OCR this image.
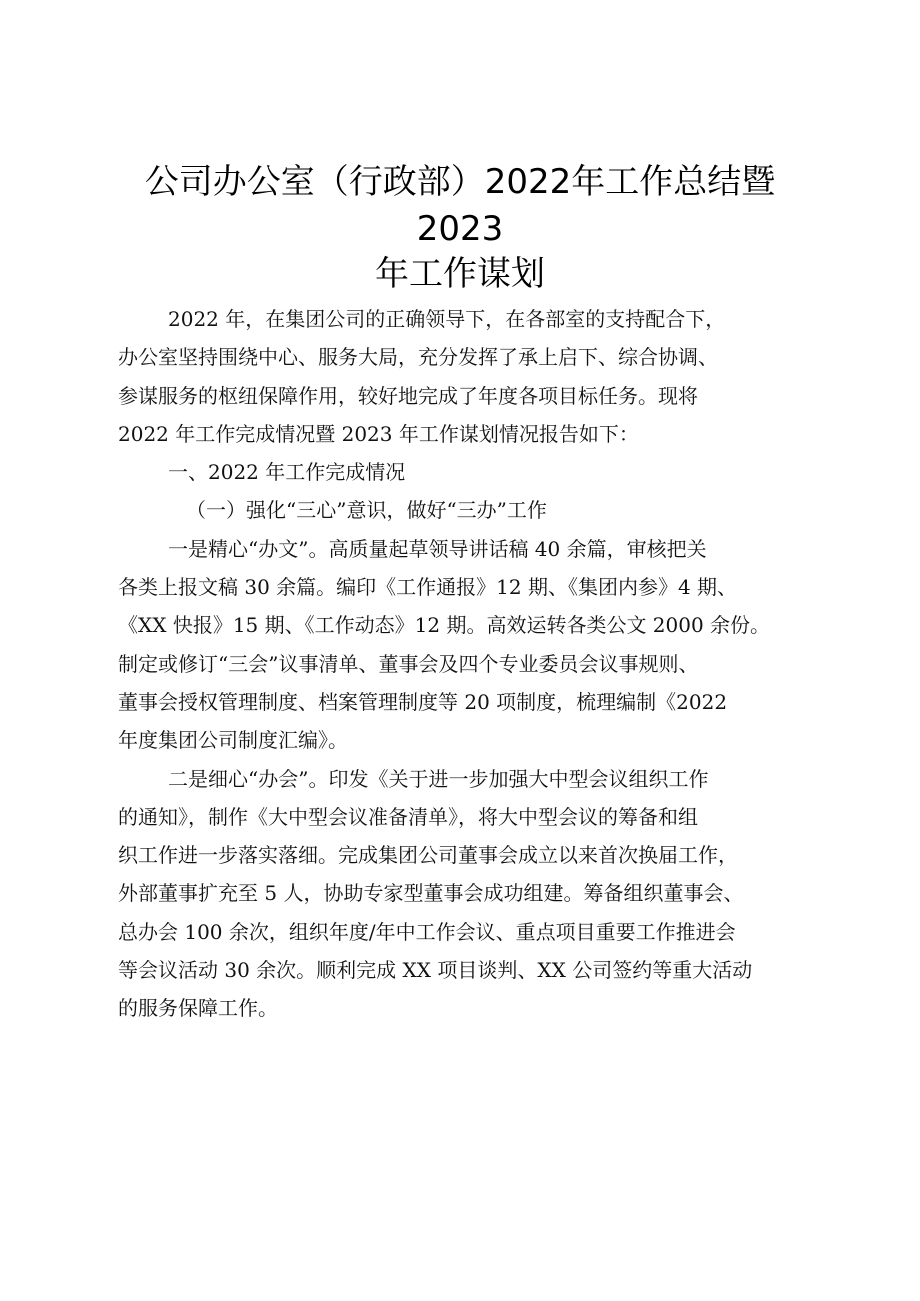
公司办公室（行政部）2022年工作总结暨
2023
年工作谋划
2022 年，在集团公司的正确领导下，在各部室的支持配合下，
办公室坚持围绕中心、服务大局，充分发挥了承上启下、综合协调、
参谋服务的枢纽保障作用，较好地完成了年度各项目标任务。现将
2022 年工作完成情况暨 2023 年工作谋划情况报告如下：
一、2022 年工作完成情况
（一）强化“三心”意识，做好“三办”工作
一是精心“办文”。高质量起草领导讲话稿 40 余篇，审核把关
各类上报文稿 30 余篇。编印《工作通报》12 期、《集团内参》4 期、
《XX 快报》15 期、《工作动态》12 期。高效运转各类公文 2000 余份。
制定或修订“三会”议事清单、董事会及四个专业委员会议事规则、
董事会授权管理制度、档案管理制度等 20 项制度，梳理编制《2022
年度集团公司制度汇编》。
二是细心“办会”。印发《关于进一步加强大中型会议组织工作
的通知》，制作《大中型会议准备清单》，将大中型会议的筹备和组
织工作进一步落实落细。完成集团公司董事会成立以来首次换届工作，
外部董事扩充至 5 人，协助专家型董事会成功组建。筹备组织董事会、
总办会 100 余次，组织年度/年中工作会议、重点项目重要工作推进会
等会议活动 30 余次。顺利完成 XX 项目谈判、XX 公司签约等重大活动
的服务保障工作。
